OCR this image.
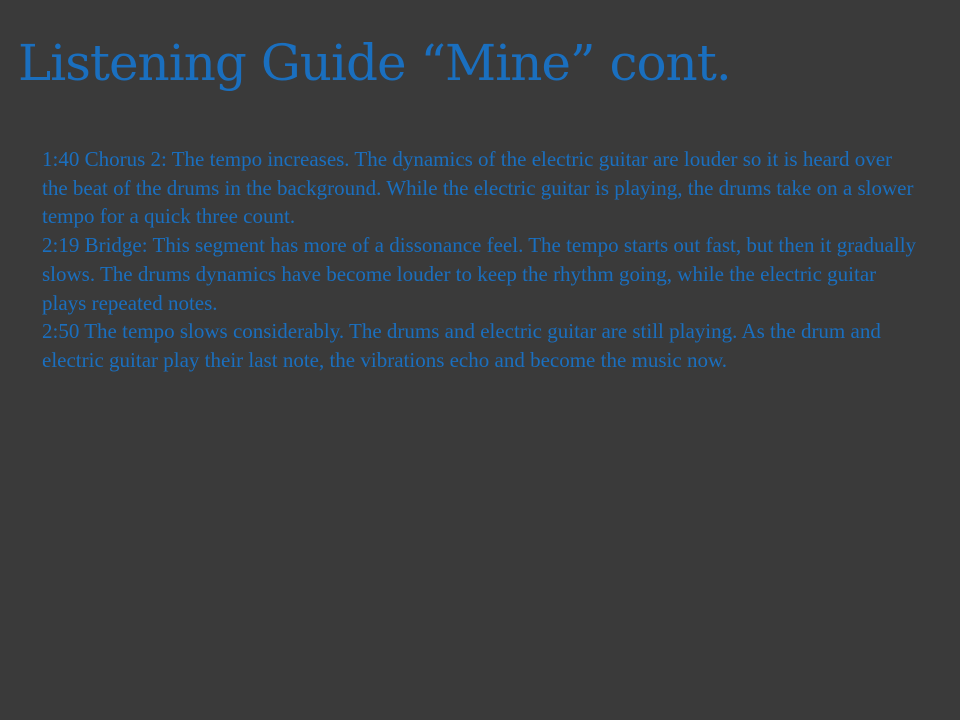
Listening Guide “Mine” cont.

1:40 Chorus 2: The tempo increases. The dynamics of the electric guitar are louder so it is heard over the beat of the drums in the background. While the electric guitar is playing, the drums take on a slower tempo for a quick three count.

2:19 Bridge: This segment has more of a dissonance feel. The tempo starts out fast, but then it gradually slows. The drums dynamics have become louder to keep the rhythm going, while the electric guitar plays repeated notes.

2:50 The tempo slows considerably. The drums and electric guitar are still playing. As the drum and electric guitar play their last note, the vibrations echo and become the music now.
